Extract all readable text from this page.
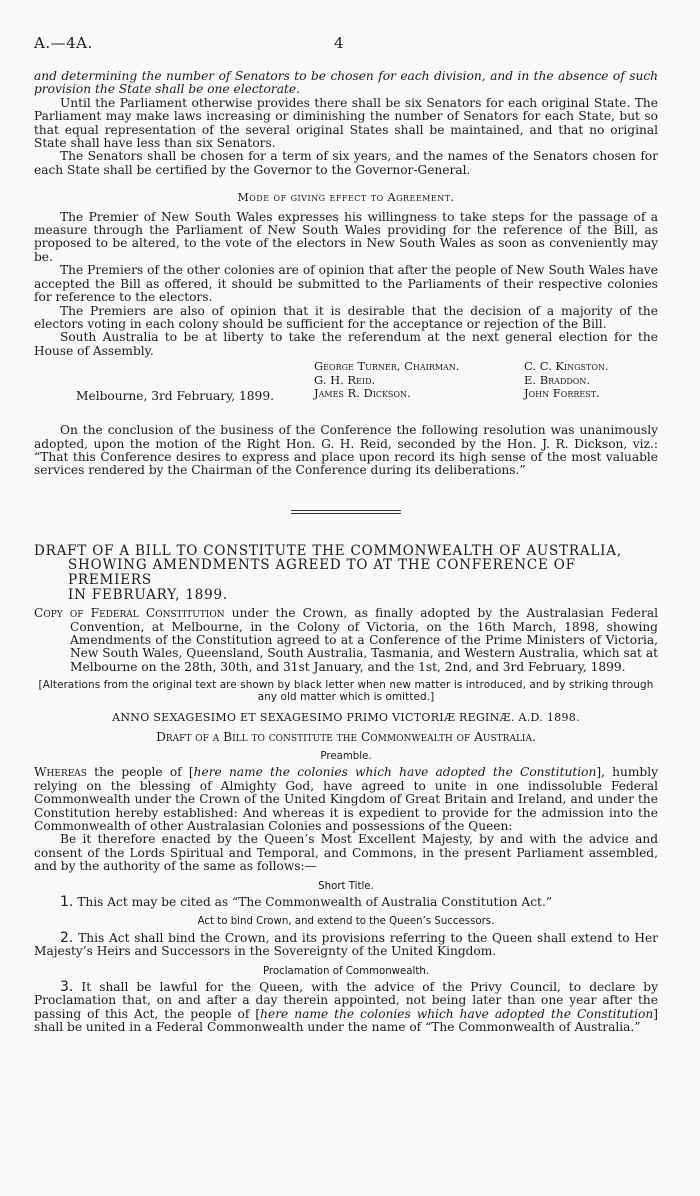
A.—4A.	4

and determining the number of Senators to be chosen for each division, and in the absence of such provision the State shall be one electorate.

Until the Parliament otherwise provides there shall be six Senators for each original State. The Parliament may make laws increasing or diminishing the number of Senators for each State, but so that equal representation of the several original States shall be maintained, and that no original State shall have less than six Senators.

The Senators shall be chosen for a term of six years, and the names of the Senators chosen for each State shall be certified by the Governor to the Governor-General.

Mode of giving effect to Agreement.

The Premier of New South Wales expresses his willingness to take steps for the passage of a measure through the Parliament of New South Wales providing for the reference of the Bill, as proposed to be altered, to the vote of the electors in New South Wales as soon as conveniently may be.

The Premiers of the other colonies are of opinion that after the people of New South Wales have accepted the Bill as offered, it should be submitted to the Parliaments of their respective colonies for reference to the electors.

The Premiers are also of opinion that it is desirable that the decision of a majority of the electors voting in each colony should be sufficient for the acceptance or rejection of the Bill.

South Australia to be at liberty to take the referendum at the next general election for the House of Assembly.

George Turner, Chairman.
G. H. Reid.
James R. Dickson.
C. C. Kingston.
E. Braddon.
John Forrest.
Melbourne, 3rd February, 1899.

On the conclusion of the business of the Conference the following resolution was unanimously adopted, upon the motion of the Right Hon. G. H. Reid, seconded by the Hon. J. R. Dickson, viz.: “That this Conference desires to express and place upon record its high sense of the most valuable services rendered by the Chairman of the Conference during its deliberations.”

DRAFT OF A BILL TO CONSTITUTE THE COMMONWEALTH OF AUSTRALIA,
SHOWING AMENDMENTS AGREED TO AT THE CONFERENCE OF PREMIERS
IN FEBRUARY, 1899.

Copy of Federal Constitution under the Crown, as finally adopted by the Australasian Federal Convention, at Melbourne, in the Colony of Victoria, on the 16th March, 1898, showing Amendments of the Constitution agreed to at a Conference of the Prime Ministers of Victoria, New South Wales, Queensland, South Australia, Tasmania, and Western Australia, which sat at Melbourne on the 28th, 30th, and 31st January, and the 1st, 2nd, and 3rd February, 1899.

[Alterations from the original text are shown by black letter when new matter is introduced, and by striking through any old matter which is omitted.]
ANNO SEXAGESIMO ET SEXAGESIMO PRIMO VICTORIÆ REGINÆ. A.D. 1898.
Draft of a Bill to constitute the Commonwealth of Australia.
Preamble.

Whereas the people of [here name the colonies which have adopted the Constitution], humbly relying on the blessing of Almighty God, have agreed to unite in one indissoluble Federal Commonwealth under the Crown of the United Kingdom of Great Britain and Ireland, and under the Constitution hereby established: And whereas it is expedient to provide for the admission into the Commonwealth of other Australasian Colonies and possessions of the Queen:

Be it therefore enacted by the Queen’s Most Excellent Majesty, by and with the advice and consent of the Lords Spiritual and Temporal, and Commons, in the present Parliament assembled, and by the authority of the same as follows:—

Short Title.

1. This Act may be cited as “The Commonwealth of Australia Constitution Act.”

Act to bind Crown, and extend to the Queen’s Successors.

2. This Act shall bind the Crown, and its provisions referring to the Queen shall extend to Her Majesty’s Heirs and Successors in the Sovereignty of the United Kingdom.

Proclamation of Commonwealth.

3. It shall be lawful for the Queen, with the advice of the Privy Council, to declare by Proclamation that, on and after a day therein appointed, not being later than one year after the passing of this Act, the people of [here name the colonies which have adopted the Constitution] shall be united in a Federal Commonwealth under the name of “The Commonwealth of Australia.”
